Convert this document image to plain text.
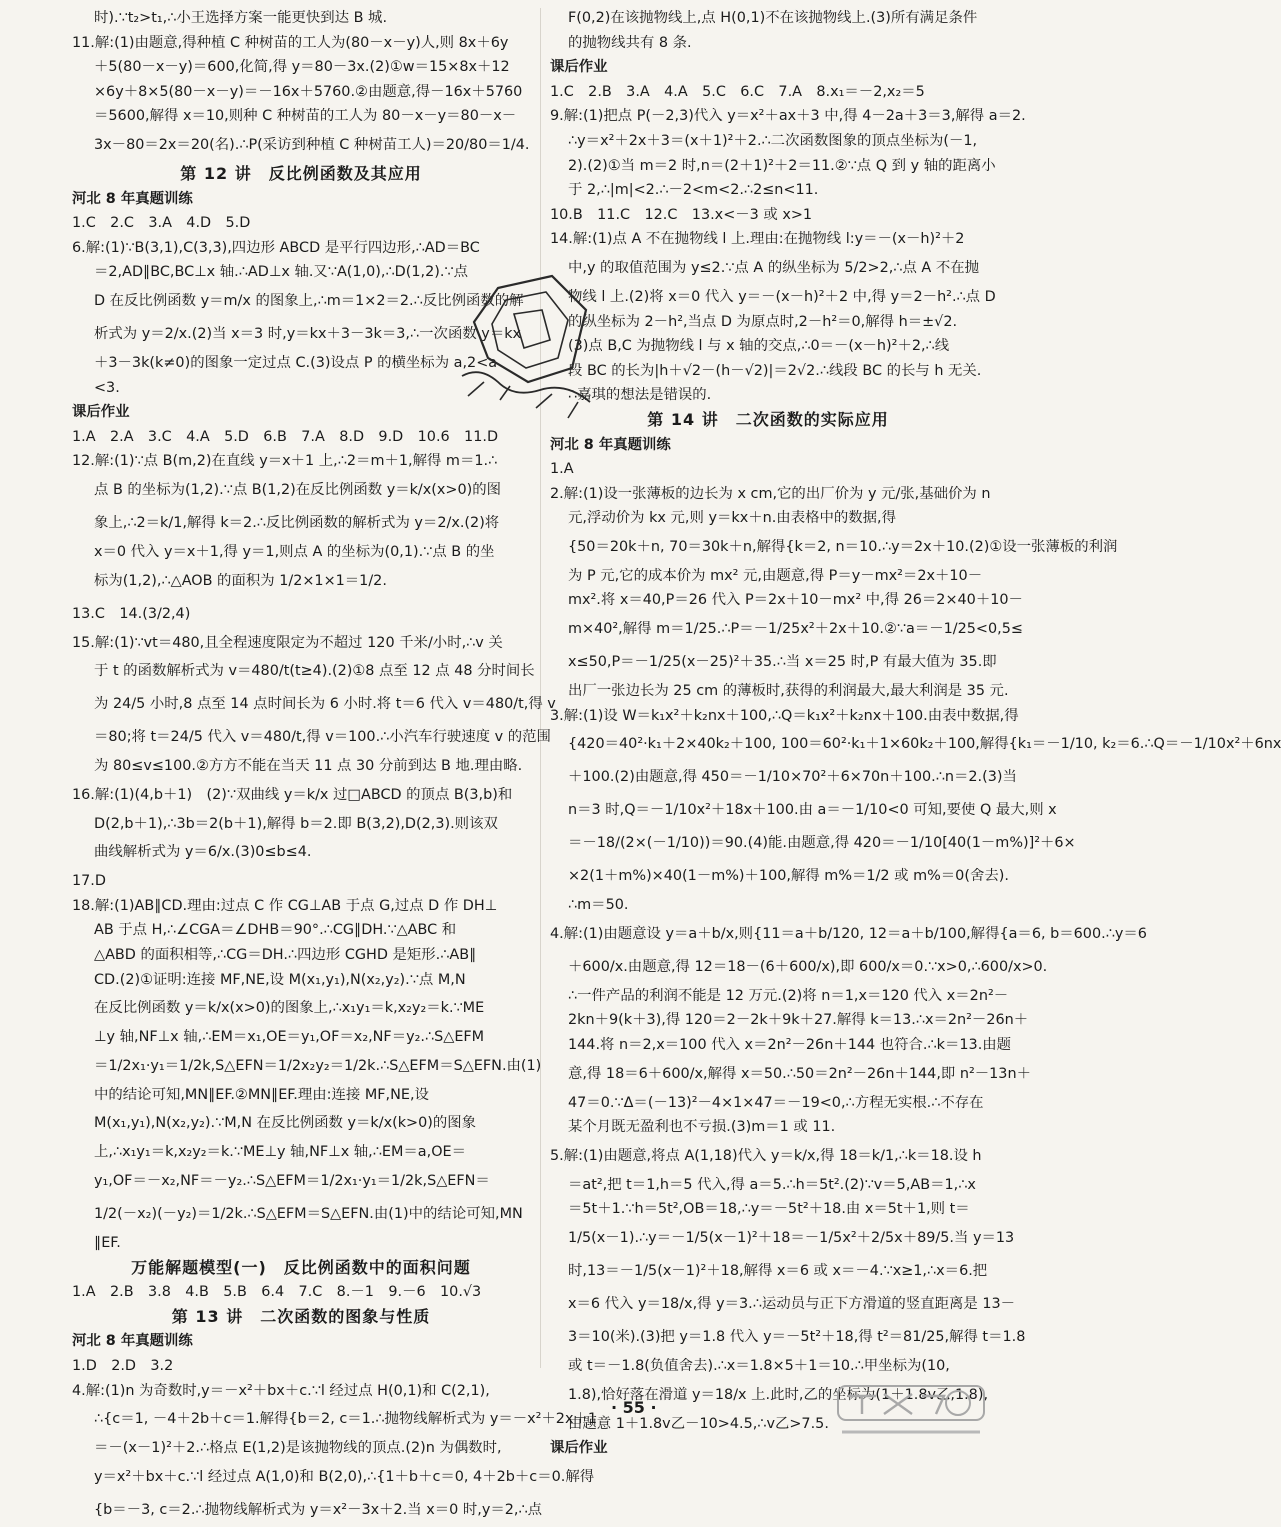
时).∵t₂>t₁,∴小王选择方案一能更快到达 B 城.
11.解:(1)由题意,得种植 C 种树苗的工人为(80－x－y)人,则 8x＋6y
＋5(80－x－y)＝600,化简,得 y＝80－3x.(2)①w＝15×8x＋12
×6y＋8×5(80－x－y)＝－16x＋5760.②由题意,得－16x＋5760
＝5600,解得 x＝10,则种 C 种树苗的工人为 80－x－y＝80－x－
3x－80＝2x＝20(名).∴P(采访到种植 C 种树苗工人)＝20/80＝1/4.
第 12 讲　反比例函数及其应用
河北 8 年真题训练
1.C　2.C　3.A　4.D　5.D
6.解:(1)∵B(3,1),C(3,3),四边形 ABCD 是平行四边形,∴AD＝BC
＝2,AD∥BC,BC⊥x 轴.∴AD⊥x 轴.又∵A(1,0),∴D(1,2).∵点
D 在反比例函数 y＝m/x 的图象上,∴m＝1×2＝2.∴反比例函数的解
析式为 y＝2/x.(2)当 x＝3 时,y＝kx＋3－3k＝3,∴一次函数 y＝kx
＋3－3k(k≠0)的图象一定过点 C.(3)设点 P 的横坐标为 a,2<a
<3.
课后作业
1.A　2.A　3.C　4.A　5.D　6.B　7.A　8.D　9.D　10.6　11.D
12.解:(1)∵点 B(m,2)在直线 y＝x＋1 上,∴2＝m＋1,解得 m＝1.∴
点 B 的坐标为(1,2).∵点 B(1,2)在反比例函数 y＝k/x(x>0)的图
象上,∴2＝k/1,解得 k＝2.∴反比例函数的解析式为 y＝2/x.(2)将
x＝0 代入 y＝x＋1,得 y＝1,则点 A 的坐标为(0,1).∵点 B 的坐
标为(1,2),∴△AOB 的面积为 1/2×1×1＝1/2.
13.C　14.(3/2,4)
15.解:(1)∵vt＝480,且全程速度限定为不超过 120 千米/小时,∴v 关
于 t 的函数解析式为 v＝480/t(t≥4).(2)①8 点至 12 点 48 分时间长
为 24/5 小时,8 点至 14 点时间长为 6 小时.将 t＝6 代入 v＝480/t,得 v
＝80;将 t＝24/5 代入 v＝480/t,得 v＝100.∴小汽车行驶速度 v 的范围
为 80≤v≤100.②方方不能在当天 11 点 30 分前到达 B 地.理由略.
16.解:(1)(4,b＋1)　(2)∵双曲线 y＝k/x 过□ABCD 的顶点 B(3,b)和
D(2,b＋1),∴3b＝2(b＋1),解得 b＝2.即 B(3,2),D(2,3).则该双
曲线解析式为 y＝6/x.(3)0≤b≤4.
17.D
18.解:(1)AB∥CD.理由:过点 C 作 CG⊥AB 于点 G,过点 D 作 DH⊥
AB 于点 H,∴∠CGA＝∠DHB＝90°.∴CG∥DH.∵△ABC 和
△ABD 的面积相等,∴CG＝DH.∴四边形 CGHD 是矩形.∴AB∥
CD.(2)①证明:连接 MF,NE,设 M(x₁,y₁),N(x₂,y₂).∵点 M,N
在反比例函数 y＝k/x(x>0)的图象上,∴x₁y₁＝k,x₂y₂＝k.∵ME
⊥y 轴,NF⊥x 轴,∴EM＝x₁,OE＝y₁,OF＝x₂,NF＝y₂.∴S△EFM
＝1/2x₁·y₁＝1/2k,S△EFN＝1/2x₂y₂＝1/2k.∴S△EFM＝S△EFN.由(1)
中的结论可知,MN∥EF.②MN∥EF.理由:连接 MF,NE,设
M(x₁,y₁),N(x₂,y₂).∵M,N 在反比例函数 y＝k/x(k>0)的图象
上,∴x₁y₁＝k,x₂y₂＝k.∵ME⊥y 轴,NF⊥x 轴,∴EM＝a,OE＝
y₁,OF＝－x₂,NF＝－y₂.∴S△EFM＝1/2x₁·y₁＝1/2k,S△EFN＝
1/2(－x₂)(－y₂)＝1/2k.∴S△EFM＝S△EFN.由(1)中的结论可知,MN
∥EF.
万能解题模型(一)　反比例函数中的面积问题
1.A　2.B　3.8　4.B　5.B　6.4　7.C　8.－1　9.－6　10.√3
第 13 讲　二次函数的图象与性质
河北 8 年真题训练
1.D　2.D　3.2
4.解:(1)n 为奇数时,y＝－x²＋bx＋c.∵l 经过点 H(0,1)和 C(2,1),
∴{c＝1, －4＋2b＋c＝1.解得{b＝2, c＝1.∴抛物线解析式为 y＝－x²＋2x＋1
＝－(x－1)²＋2.∴格点 E(1,2)是该抛物线的顶点.(2)n 为偶数时,
y＝x²＋bx＋c.∵l 经过点 A(1,0)和 B(2,0),∴{1＋b＋c＝0, 4＋2b＋c＝0.解得
{b＝－3, c＝2.∴抛物线解析式为 y＝x²－3x＋2.当 x＝0 时,y＝2,∴点
F(0,2)在该抛物线上,点 H(0,1)不在该抛物线上.(3)所有满足条件
的抛物线共有 8 条.
课后作业
1.C　2.B　3.A　4.A　5.C　6.C　7.A　8.x₁＝－2,x₂＝5
9.解:(1)把点 P(－2,3)代入 y＝x²＋ax＋3 中,得 4－2a＋3＝3,解得 a＝2.
∴y＝x²＋2x＋3＝(x＋1)²＋2.∴二次函数图象的顶点坐标为(－1,
2).(2)①当 m＝2 时,n＝(2＋1)²＋2＝11.②∵点 Q 到 y 轴的距离小
于 2,∴|m|<2.∴－2<m<2.∴2≤n<11.
10.B　11.C　12.C　13.x<－3 或 x>1
14.解:(1)点 A 不在抛物线 l 上.理由:在抛物线 l:y＝－(x－h)²＋2
中,y 的取值范围为 y≤2.∵点 A 的纵坐标为 5/2>2,∴点 A 不在抛
物线 l 上.(2)将 x＝0 代入 y＝－(x－h)²＋2 中,得 y＝2－h².∴点 D
的纵坐标为 2－h²,当点 D 为原点时,2－h²＝0,解得 h＝±√2.
(3)点 B,C 为抛物线 l 与 x 轴的交点,∴0＝－(x－h)²＋2,∴线
段 BC 的长为|h＋√2－(h－√2)|＝2√2.∴线段 BC 的长与 h 无关.
∴嘉琪的想法是错误的.
第 14 讲　二次函数的实际应用
河北 8 年真题训练
1.A
2.解:(1)设一张薄板的边长为 x cm,它的出厂价为 y 元/张,基础价为 n
元,浮动价为 kx 元,则 y＝kx＋n.由表格中的数据,得
{50＝20k＋n, 70＝30k＋n,解得{k＝2, n＝10.∴y＝2x＋10.(2)①设一张薄板的利润
为 P 元,它的成本价为 mx² 元,由题意,得 P＝y－mx²＝2x＋10－
mx².将 x＝40,P＝26 代入 P＝2x＋10－mx² 中,得 26＝2×40＋10－
m×40²,解得 m＝1/25.∴P＝－1/25x²＋2x＋10.②∵a＝－1/25<0,5≤
x≤50,P＝－1/25(x－25)²＋35.∴当 x＝25 时,P 有最大值为 35.即
出厂一张边长为 25 cm 的薄板时,获得的利润最大,最大利润是 35 元.
3.解:(1)设 W＝k₁x²＋k₂nx＋100,∴Q＝k₁x²＋k₂nx＋100.由表中数据,得
{420＝40²·k₁＋2×40k₂＋100, 100＝60²·k₁＋1×60k₂＋100,解得{k₁＝－1/10, k₂＝6.∴Q＝－1/10x²＋6nx
＋100.(2)由题意,得 450＝－1/10×70²＋6×70n＋100.∴n＝2.(3)当
n＝3 时,Q＝－1/10x²＋18x＋100.由 a＝－1/10<0 可知,要使 Q 最大,则 x
＝－18/(2×(－1/10))＝90.(4)能.由题意,得 420＝－1/10[40(1－m%)]²＋6×
×2(1＋m%)×40(1－m%)＋100,解得 m%＝1/2 或 m%＝0(舍去).
∴m＝50.
4.解:(1)由题意设 y＝a＋b/x,则{11＝a＋b/120, 12＝a＋b/100,解得{a＝6, b＝600.∴y＝6
＋600/x.由题意,得 12＝18－(6＋600/x),即 600/x＝0.∵x>0,∴600/x>0.
∴一件产品的利润不能是 12 万元.(2)将 n＝1,x＝120 代入 x＝2n²－
2kn＋9(k＋3),得 120＝2－2k＋9k＋27.解得 k＝13.∴x＝2n²－26n＋
144.将 n＝2,x＝100 代入 x＝2n²－26n＋144 也符合.∴k＝13.由题
意,得 18＝6＋600/x,解得 x＝50.∴50＝2n²－26n＋144,即 n²－13n＋
47＝0.∵Δ＝(－13)²－4×1×47＝－19<0,∴方程无实根.∴不存在
某个月既无盈利也不亏损.(3)m＝1 或 11.
5.解:(1)由题意,将点 A(1,18)代入 y＝k/x,得 18＝k/1,∴k＝18.设 h
＝at²,把 t＝1,h＝5 代入,得 a＝5.∴h＝5t².(2)∵v＝5,AB＝1,∴x
＝5t＋1.∵h＝5t²,OB＝18,∴y＝－5t²＋18.由 x＝5t＋1,则 t＝
1/5(x－1).∴y＝－1/5(x－1)²＋18＝－1/5x²＋2/5x＋89/5.当 y＝13
时,13＝－1/5(x－1)²＋18,解得 x＝6 或 x＝－4.∵x≥1,∴x＝6.把
x＝6 代入 y＝18/x,得 y＝3.∴运动员与正下方滑道的竖直距离是 13－
3＝10(米).(3)把 y＝1.8 代入 y＝－5t²＋18,得 t²＝81/25,解得 t＝1.8
或 t＝－1.8(负值舍去).∴x＝1.8×5＋1＝10.∴甲坐标为(10,
1.8),恰好落在滑道 y＝18/x 上.此时,乙的坐标为(1＋1.8v乙,1.8),
由题意 1＋1.8v乙－10>4.5,∴v乙>7.5.
课后作业
· 55 ·
